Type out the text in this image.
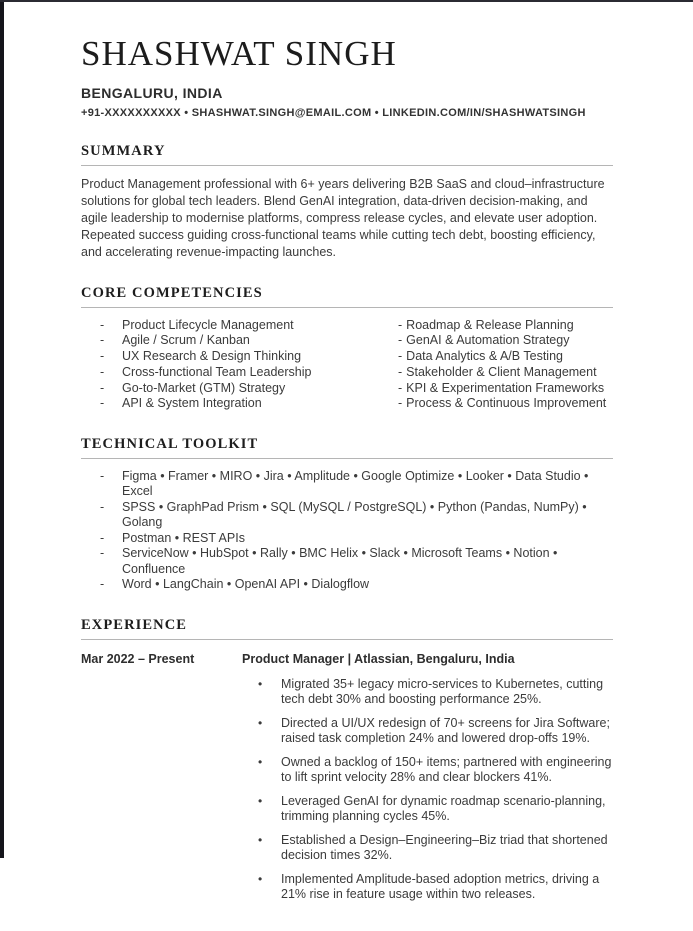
SHASHWAT SINGH
BENGALURU, INDIA
+91-XXXXXXXXXX • SHASHWAT.SINGH@EMAIL.COM • LINKEDIN.COM/IN/SHASHWATSINGH
SUMMARY

Product Management professional with 6+ years delivering B2B SaaS and cloud–infrastructure solutions for global tech leaders. Blend GenAI integration, data-driven decision-making, and agile leadership to modernise platforms, compress release cycles, and elevate user adoption. Repeated success guiding cross-functional teams while cutting tech debt, boosting efficiency, and accelerating revenue-impacting launches.

CORE COMPETENCIES
-	Product Lifecycle Management
-	Agile / Scrum / Kanban
-	UX Research & Design Thinking
-	Cross-functional Team Leadership
-	Go-to-Market (GTM) Strategy
-	API & System Integration
- Roadmap & Release Planning
- GenAI & Automation Strategy
- Data Analytics & A/B Testing
- Stakeholder & Client Management
- KPI & Experimentation Frameworks
- Process & Continuous Improvement
TECHNICAL TOOLKIT
-	Figma • Framer • MIRO • Jira • Amplitude • Google Optimize • Looker • Data Studio • Excel
-	SPSS • GraphPad Prism • SQL (MySQL / PostgreSQL) • Python (Pandas, NumPy) • Golang
-	Postman • REST APIs
-	ServiceNow • HubSpot • Rally • BMC Helix • Slack • Microsoft Teams • Notion • Confluence
-	Word • LangChain • OpenAI API • Dialogflow
EXPERIENCE
Mar 2022 – Present	Product Manager | Atlassian, Bengaluru, India
•	Migrated 35+ legacy micro-services to Kubernetes, cutting tech debt 30% and boosting performance 25%.
•	Directed a UI/UX redesign of 70+ screens for Jira Software; raised task completion 24% and lowered drop-offs 19%.
•	Owned a backlog of 150+ items; partnered with engineering to lift sprint velocity 28% and clear blockers 41%.
•	Leveraged GenAI for dynamic roadmap scenario-planning, trimming planning cycles 45%.
•	Established a Design–Engineering–Biz triad that shortened decision times 32%.
•	Implemented Amplitude-based adoption metrics, driving a 21% rise in feature usage within two releases.
